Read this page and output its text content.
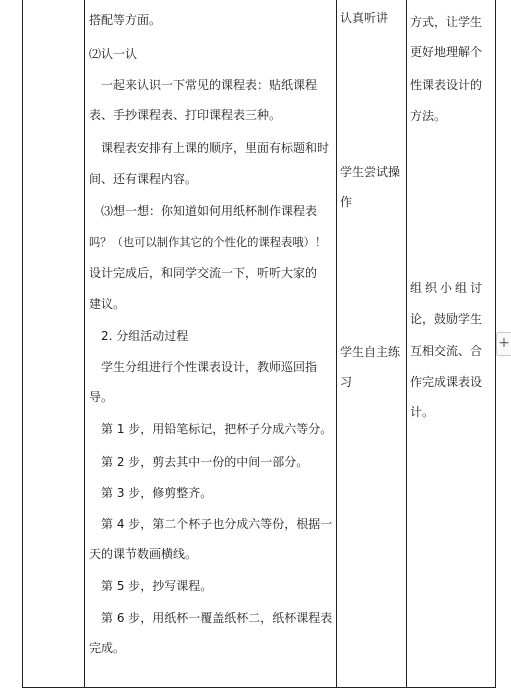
搭配等方面。
⑵认一认
一起来认识一下常见的课程表：贴纸课程
表、手抄课程表、打印课程表三种。
课程表安排有上课的顺序，里面有标题和时
间、还有课程内容。
⑶想一想：你知道如何用纸杯制作课程表
吗？（也可以制作其它的个性化的课程表哦）！
设计完成后，和同学交流一下，听听大家的
建议。
2. 分组活动过程
学生分组进行个性课表设计，教师巡回指
导。
第 1 步，用铅笔标记，把杯子分成六等分。
第 2 步，剪去其中一份的中间一部分。
第 3 步，修剪整齐。
第 4 步，第二个杯子也分成六等份，根据一
天的课节数画横线。
第 5 步，抄写课程。
第 6 步，用纸杯一覆盖纸杯二，纸杯课程表
完成。
认真听讲
学生尝试操
作
学生自主练
习
方式，让学生
更好地理解个
性课表设计的
方法。
组织小组讨
论，鼓励学生
互相交流、合
作完成课表设
计。
+
